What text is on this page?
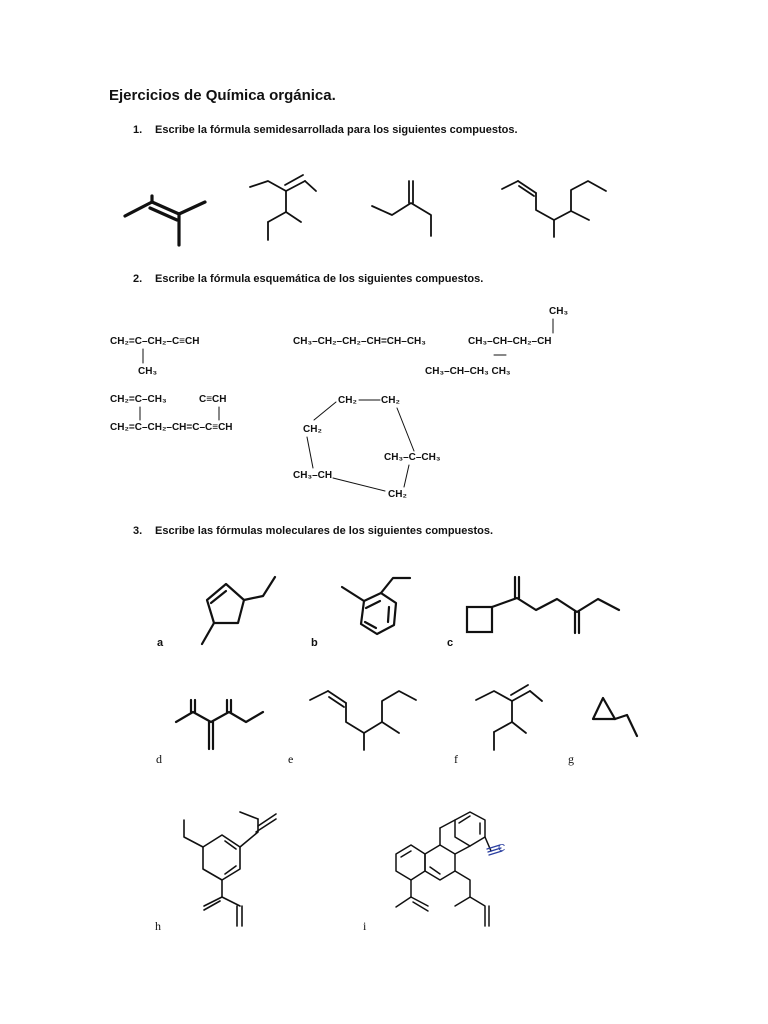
Ejercicios de Química orgánica.
1. Escribe la fórmula semidesarrollada para los siguientes compuestos.
2. Escribe la fórmula esquemática de los siguientes compuestos.
3. Escribe las fórmulas moleculares de los siguientes compuestos.
CH₂=C–CH₂–C≡CH
CH₃
CH₃–CH₂–CH₂–CH=CH–CH₃
CH₃
CH₃–CH–CH₂–CH
CH₃–CH–CH₃ CH₃
CH₂=C–CH₃	C≡CH
CH₂=C–CH₂–CH=C–C≡CH
CH₂ CH₂
CH₂
CH₃–C–CH₃
CH₃–CH
CH₂
a	b	c
d	e	f	g
h	i
C
